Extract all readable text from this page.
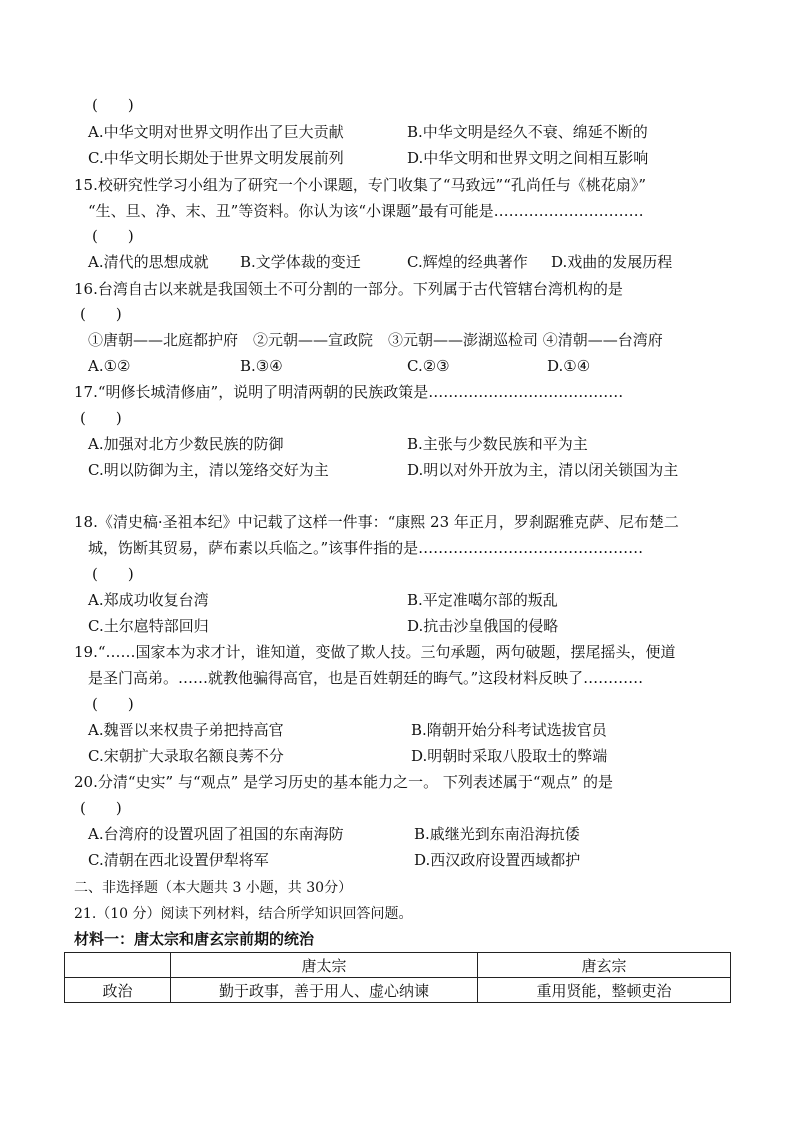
(　　)
A.中华文明对世界文明作出了巨大贡献	B.中华文明是经久不衰、绵延不断的
C.中华文明长期处于世界文明发展前列	D.中华文明和世界文明之间相互影响
15.校研究性学习小组为了研究一个小课题，专门收集了“马致远”“孔尚任与《桃花扇》”
“生、旦、净、末、丑”等资料。你认为该“小课题”最有可能是…………………………
(　　)
A.清代的思想成就 B.文学体裁的变迁	C.辉煌的经典著作 D.戏曲的发展历程
16.台湾自古以来就是我国领土不可分割的一部分。下列属于古代管辖台湾机构的是
(　　)
①唐朝——北庭都护府　②元朝——宣政院　③元朝——澎湖巡检司 ④清朝——台湾府
A.①②	B.③④	C.②③	D.①④
17.“明修长城清修庙”，说明了明清两朝的民族政策是…………………………………
(　　)
A.加强对北方少数民族的防御	B.主张与少数民族和平为主
C.明以防御为主，清以笼络交好为主	D.明以对外开放为主，清以闭关锁国为主
18.《清史稿·圣祖本纪》中记载了这样一件事：“康熙 23 年正月，罗刹踞雅克萨、尼布楚二
城，饬断其贸易，萨布素以兵临之。”该事件指的是………………………………………
(　　)
A.郑成功收复台湾	B.平定准噶尔部的叛乱
C.土尔扈特部回归	D.抗击沙皇俄国的侵略
19.“……国家本为求才计，谁知道，变做了欺人技。三句承题，两句破题，摆尾摇头，便道
是圣门高弟。……就教他骗得高官，也是百姓朝廷的晦气。”这段材料反映了…………
(　　)
A.魏晋以来权贵子弟把持高官	B.隋朝开始分科考试选拔官员
C.宋朝扩大录取名额良莠不分	D.明朝时采取八股取士的弊端
20.分清“史实” 与“观点” 是学习历史的基本能力之一。 下列表述属于“观点” 的是
(　　)
A.台湾府的设置巩固了祖国的东南海防	B.戚继光到东南沿海抗倭
C.清朝在西北设置伊犁将军	D.西汉政府设置西域都护
二、非选择题（本大题共 3 小题，共 30分）
21.（10 分）阅读下列材料，结合所学知识回答问题。
材料一：唐太宗和唐玄宗前期的统治
	唐太宗	唐玄宗
政治	勤于政事，善于用人、虚心纳谏	重用贤能，整顿吏治
